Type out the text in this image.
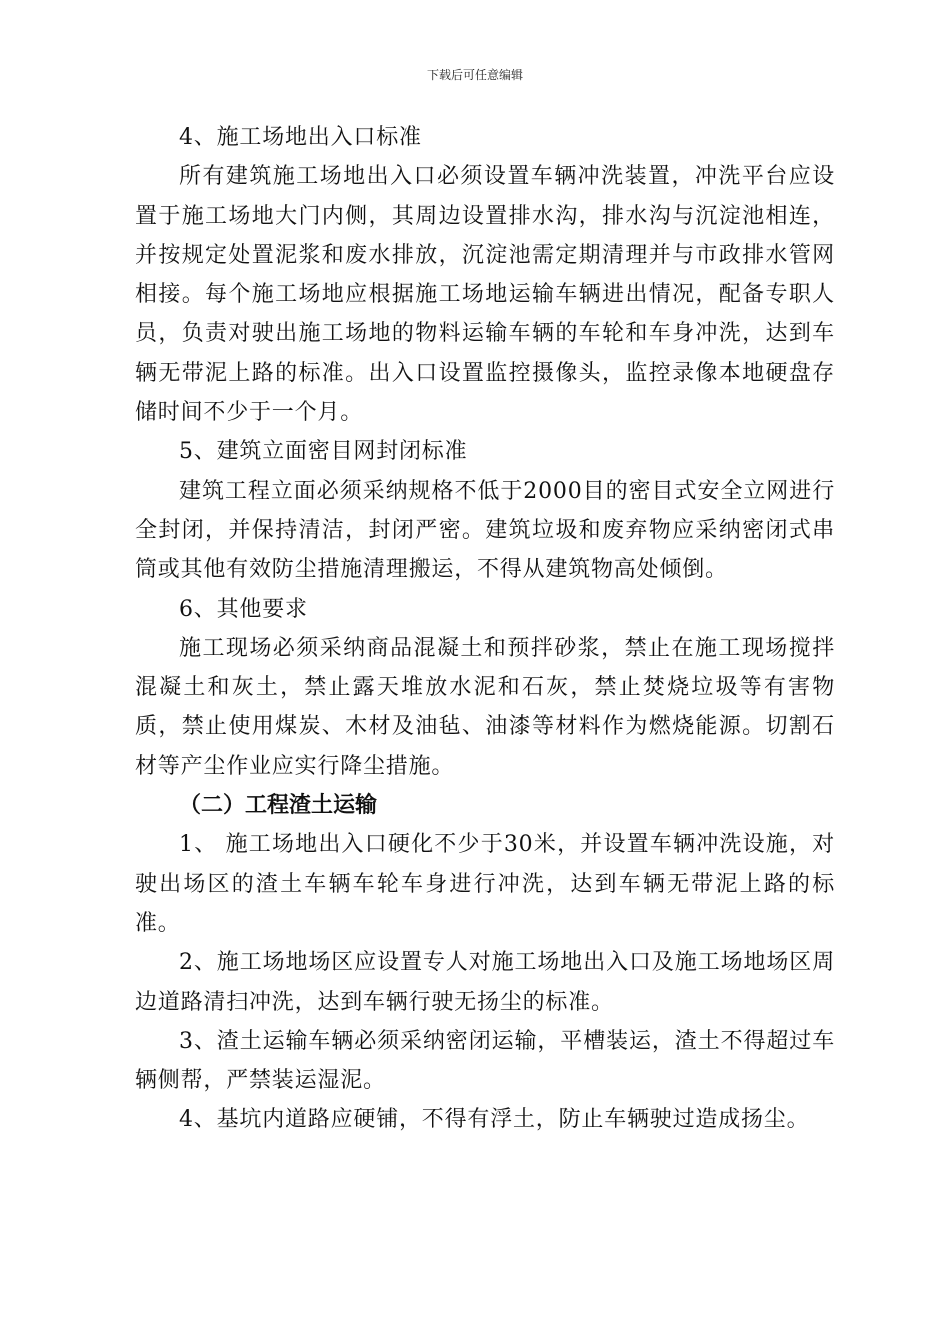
下载后可任意编辑

4、施工场地出入口标准

所有建筑施工场地出入口必须设置车辆冲洗装置，冲洗平台应设置于施工场地大门内侧，其周边设置排水沟，排水沟与沉淀池相连，并按规定处置泥浆和废水排放，沉淀池需定期清理并与市政排水管网相接。每个施工场地应根据施工场地运输车辆进出情况，配备专职人员，负责对驶出施工场地的物料运输车辆的车轮和车身冲洗，达到车辆无带泥上路的标准。出入口设置监控摄像头，监控录像本地硬盘存储时间不少于一个月。

5、建筑立面密目网封闭标准

建筑工程立面必须采纳规格不低于2000目的密目式安全立网进行全封闭，并保持清洁，封闭严密。建筑垃圾和废弃物应采纳密闭式串筒或其他有效防尘措施清理搬运，不得从建筑物高处倾倒。

6、其他要求

施工现场必须采纳商品混凝土和预拌砂浆，禁止在施工现场搅拌混凝土和灰土，禁止露天堆放水泥和石灰，禁止焚烧垃圾等有害物质，禁止使用煤炭、木材及油毡、油漆等材料作为燃烧能源。切割石材等产尘作业应实行降尘措施。

（二）工程渣土运输

1、 施工场地出入口硬化不少于30米，并设置车辆冲洗设施，对驶出场区的渣土车辆车轮车身进行冲洗，达到车辆无带泥上路的标准。

2、施工场地场区应设置专人对施工场地出入口及施工场地场区周边道路清扫冲洗，达到车辆行驶无扬尘的标准。

3、渣土运输车辆必须采纳密闭运输，平槽装运，渣土不得超过车辆侧帮，严禁装运湿泥。

4、基坑内道路应硬铺，不得有浮土，防止车辆驶过造成扬尘。
